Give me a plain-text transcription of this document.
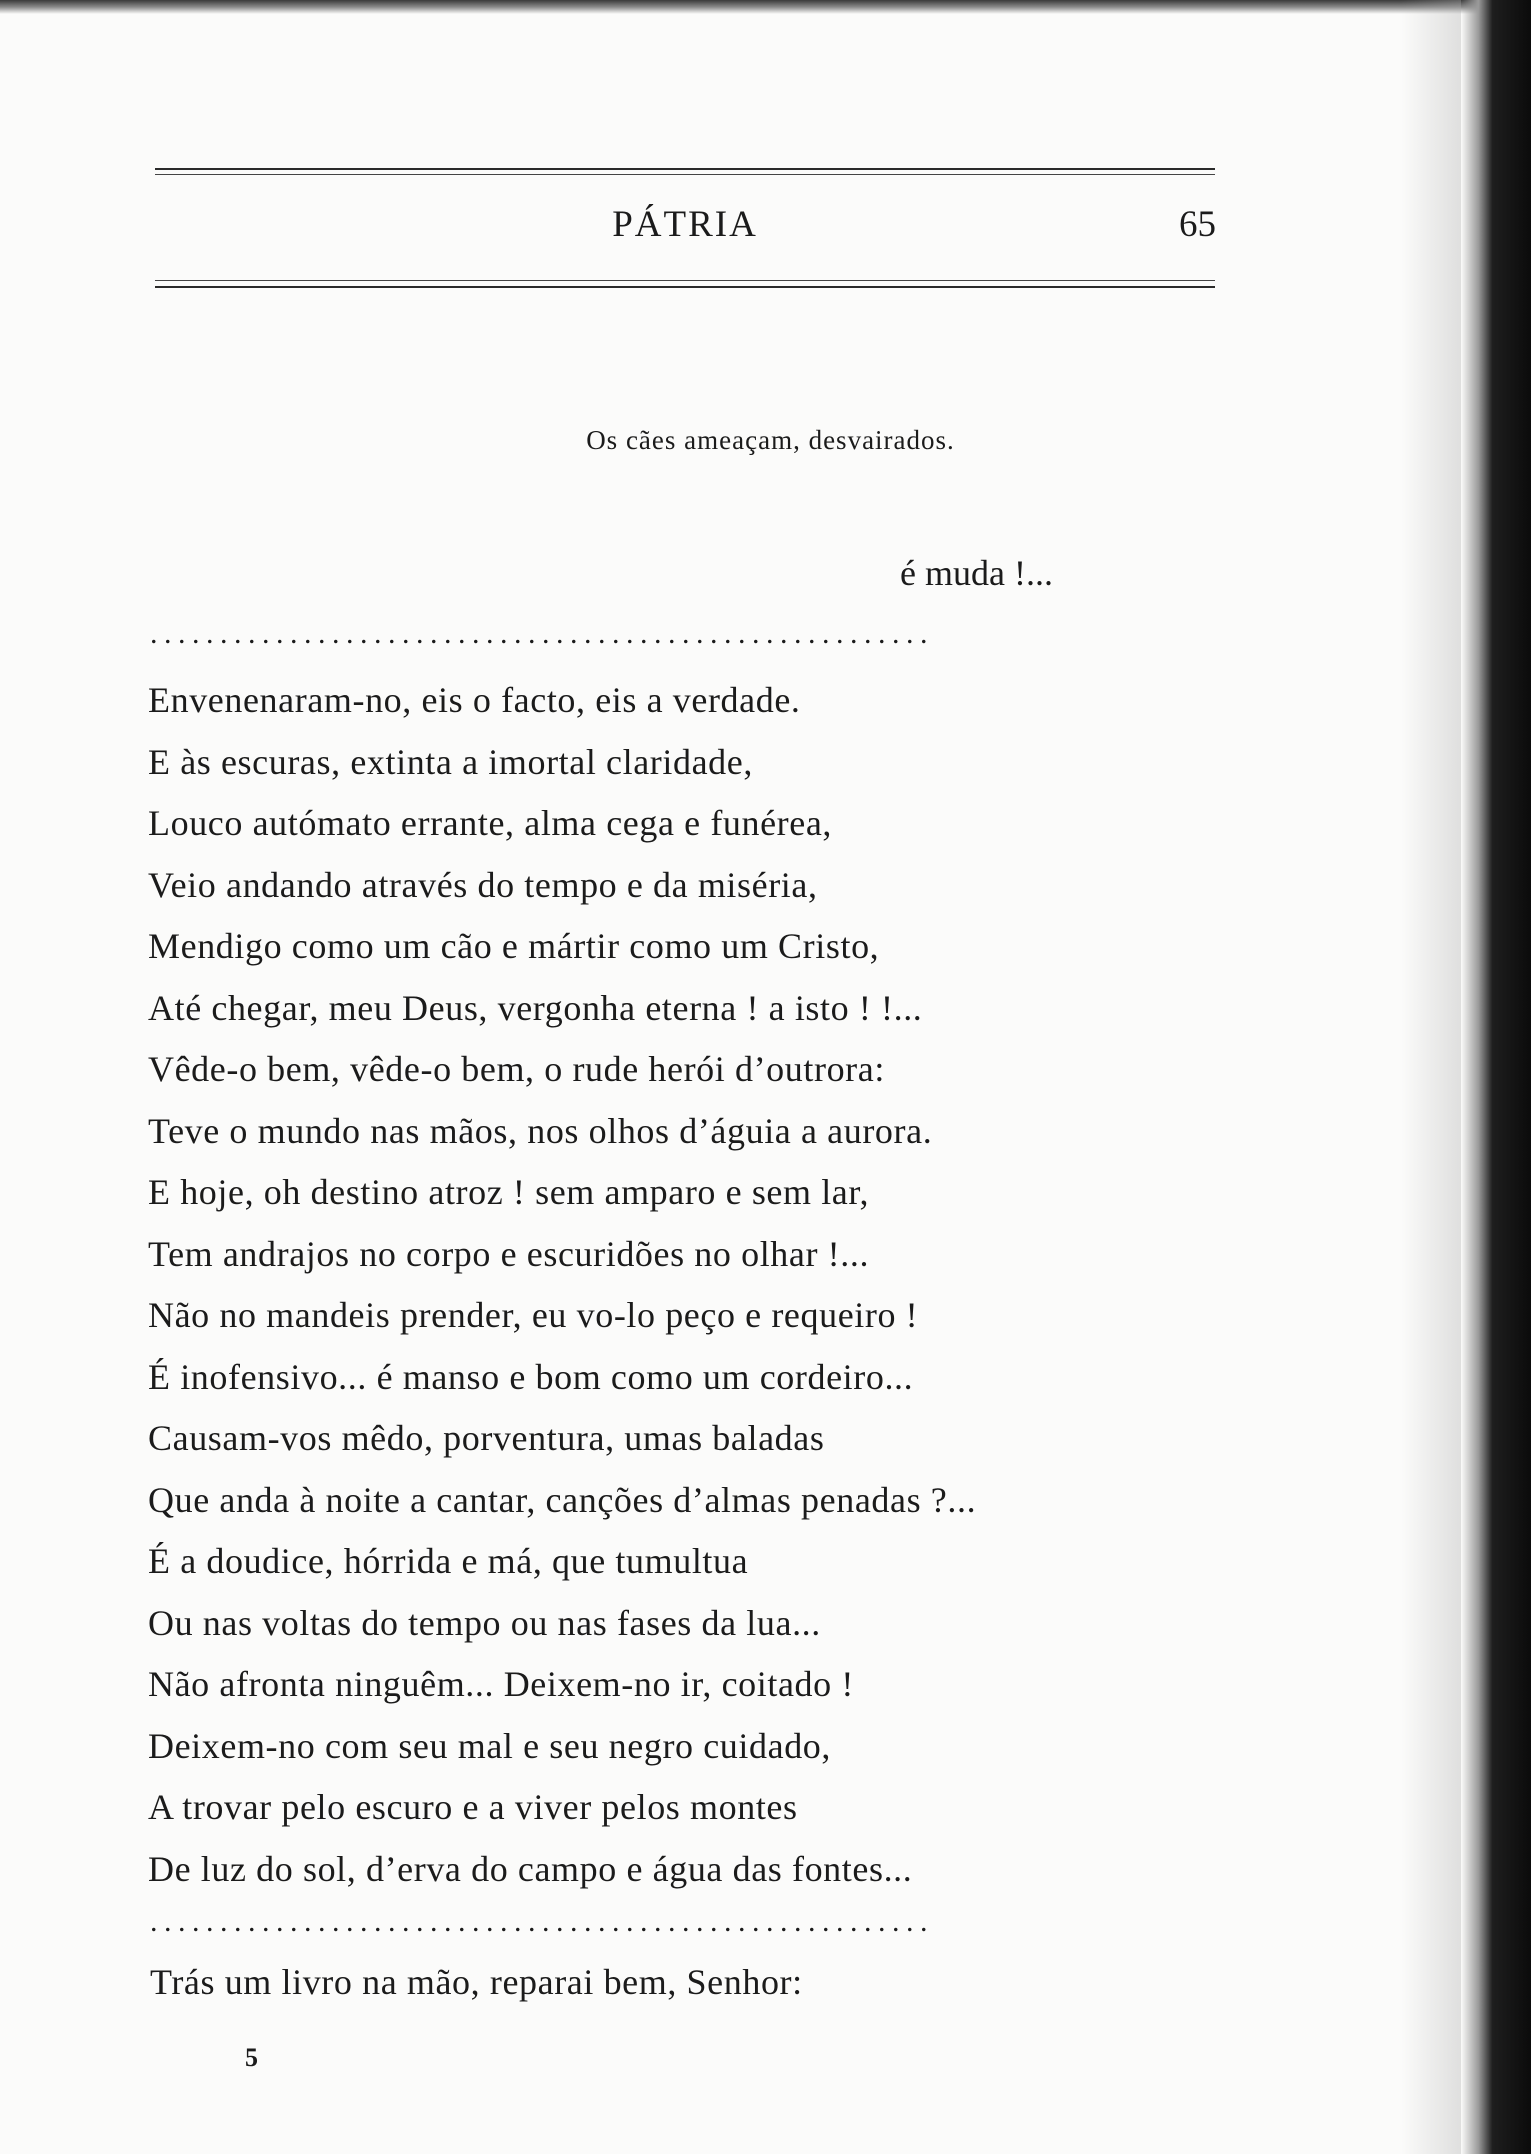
PÁTRIA	65
Os cães ameaçam, desvairados.
é muda !...
........................................................
Envenenaram-no, eis o facto, eis a verdade.
E às escuras, extinta a imortal claridade,
Louco autómato errante, alma cega e funérea,
Veio andando através do tempo e da miséria,
Mendigo como um cão e mártir como um Cristo,
Até chegar, meu Deus, vergonha eterna ! a isto ! !...
Vêde-o bem, vêde-o bem, o rude herói d’outrora:
Teve o mundo nas mãos, nos olhos d’águia a aurora.
E hoje, oh destino atroz ! sem amparo e sem lar,
Tem andrajos no corpo e escuridões no olhar !...
Não no mandeis prender, eu vo-lo peço e requeiro !
É inofensivo... é manso e bom como um cordeiro...
Causam-vos mêdo, porventura, umas baladas
Que anda à noite a cantar, canções d’almas penadas ?...
É a doudice, hórrida e má, que tumultua
Ou nas voltas do tempo ou nas fases da lua...
Não afronta ninguêm... Deixem-no ir, coitado !
Deixem-no com seu mal e seu negro cuidado,
A trovar pelo escuro e a viver pelos montes
De luz do sol, d’erva do campo e água das fontes...
........................................................
Trás um livro na mão, reparai bem, Senhor:
5
